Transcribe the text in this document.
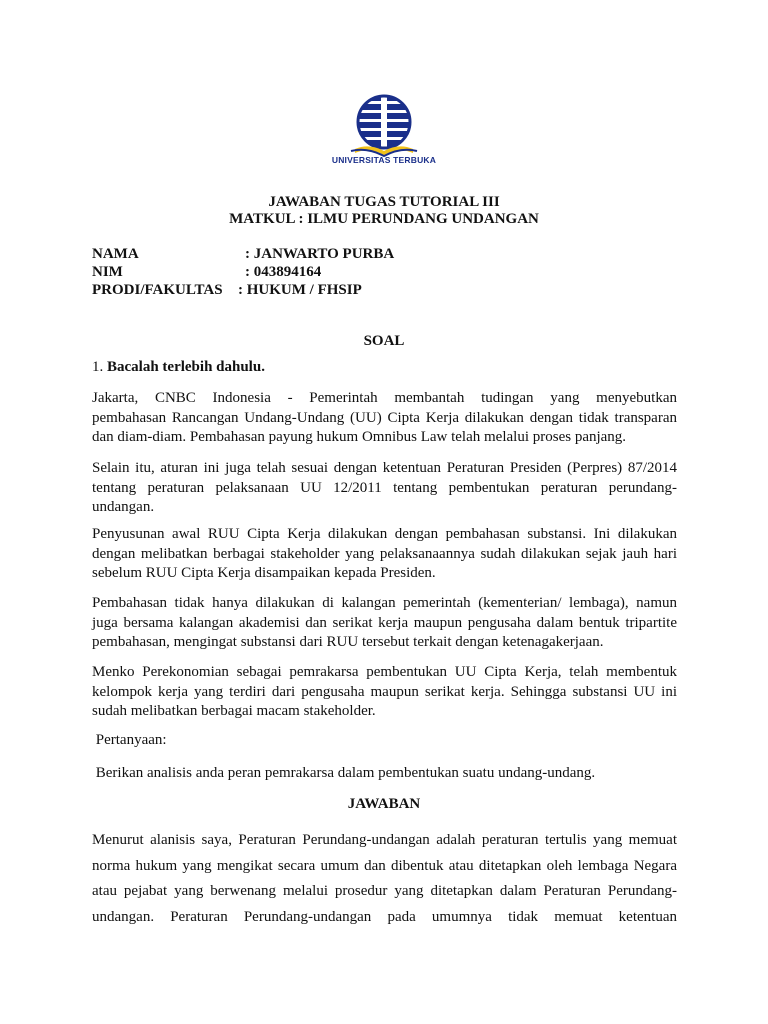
UNIVERSITAS TERBUKA
JAWABAN TUGAS TUTORIAL III
MATKUL : ILMU PERUNDANG UNDANGAN
NAMA	: JANWARTO PURBA
NIM	: 043894164
PRODI/FAKULTAS : HUKUM / FHSIP
SOAL
1. Bacalah terlebih dahulu.
Jakarta, CNBC Indonesia - Pemerintah membantah tudingan yang menyebutkan
pembahasan Rancangan Undang-Undang (UU) Cipta Kerja dilakukan dengan tidak transparan
dan diam-diam. Pembahasan payung hukum Omnibus Law telah melalui proses panjang.
Selain itu, aturan ini juga telah sesuai dengan ketentuan Peraturan Presiden (Perpres) 87/2014
tentang peraturan pelaksanaan UU 12/2011 tentang pembentukan peraturan perundang-
undangan.
Penyusunan awal RUU Cipta Kerja dilakukan dengan pembahasan substansi. Ini dilakukan
dengan melibatkan berbagai stakeholder yang pelaksanaannya sudah dilakukan sejak jauh hari
sebelum RUU Cipta Kerja disampaikan kepada Presiden.
Pembahasan tidak hanya dilakukan di kalangan pemerintah (kementerian/ lembaga), namun
juga bersama kalangan akademisi dan serikat kerja maupun pengusaha dalam bentuk tripartite
pembahasan, mengingat substansi dari RUU tersebut terkait dengan ketenagakerjaan.
Menko Perekonomian sebagai pemrakarsa pembentukan UU Cipta Kerja, telah membentuk
kelompok kerja yang terdiri dari pengusaha maupun serikat kerja. Sehingga substansi UU ini
sudah melibatkan berbagai macam stakeholder.
Pertanyaan:
Berikan analisis anda peran pemrakarsa dalam pembentukan suatu undang-undang.
JAWABAN
Menurut alanisis saya, Peraturan Perundang-undangan adalah peraturan tertulis yang memuat
norma hukum yang mengikat secara umum dan dibentuk atau ditetapkan oleh lembaga Negara
atau pejabat yang berwenang melalui prosedur yang ditetapkan dalam Peraturan Perundang-
undangan. Peraturan Perundang-undangan pada umumnya tidak memuat ketentuan
